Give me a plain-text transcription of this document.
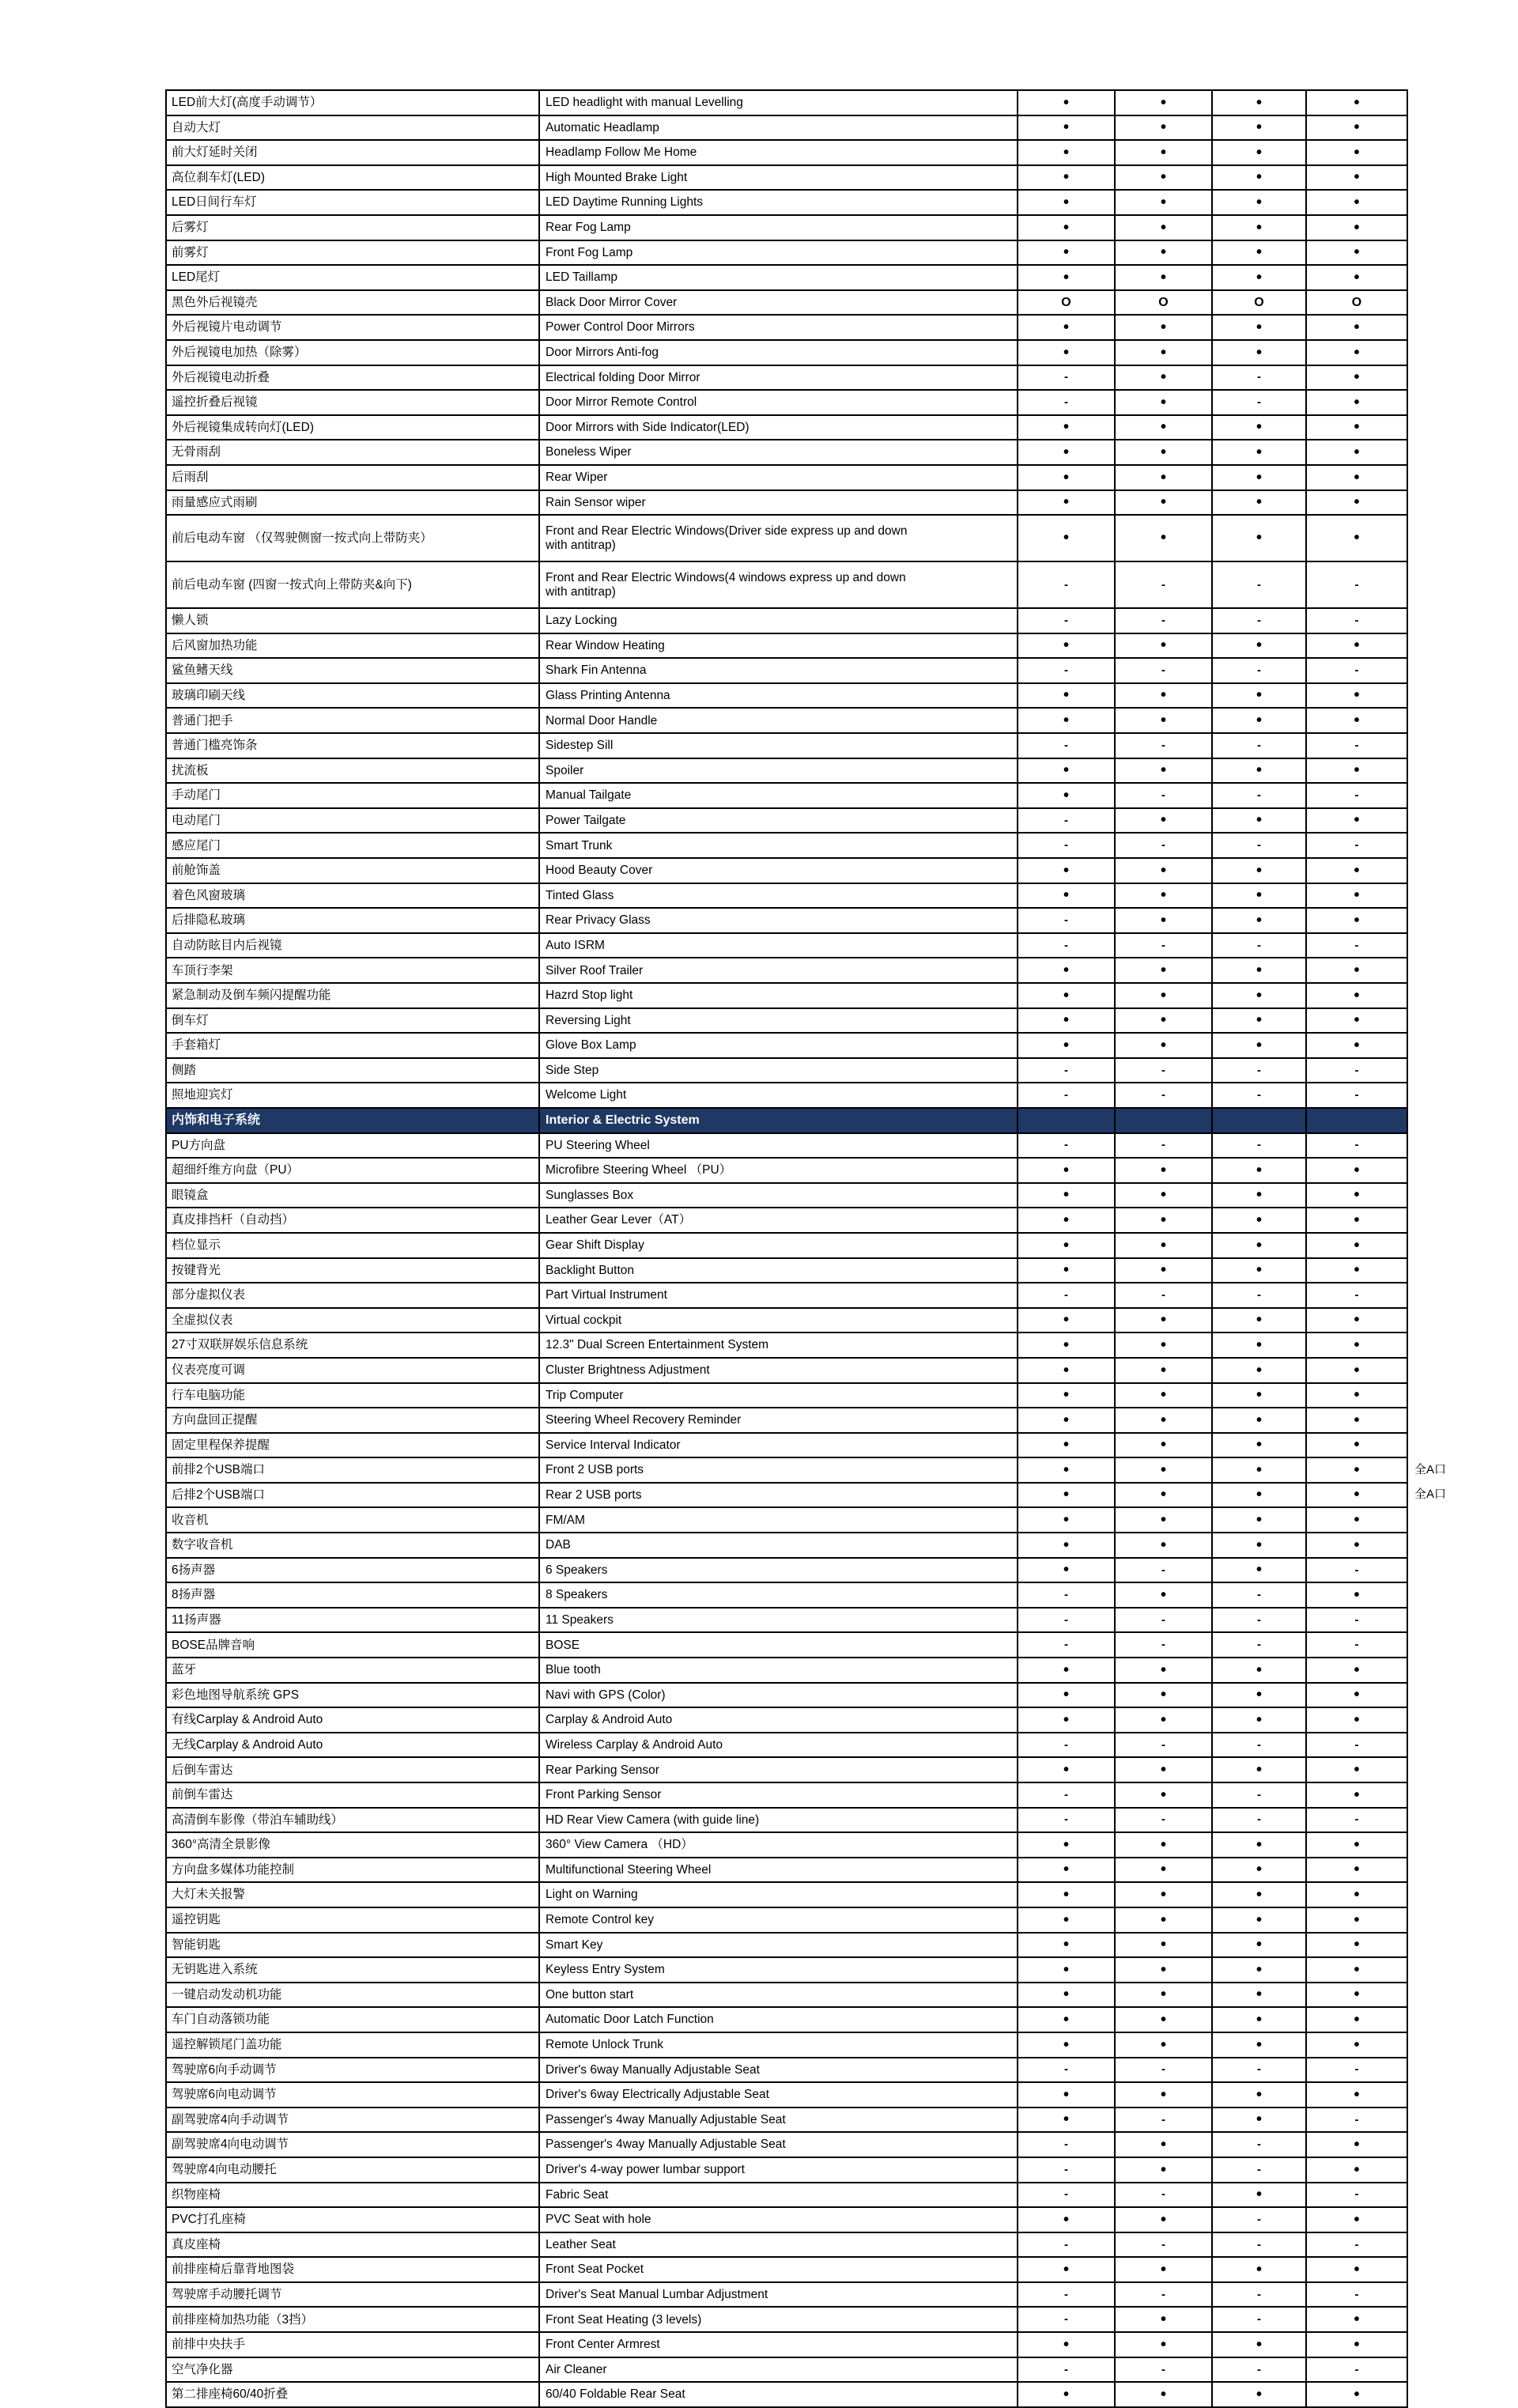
LED前大灯(高度手动调节）	LED headlight with manual Levelling	•	•	•	•	
自动大灯	Automatic Headlamp	•	•	•	•	
前大灯延时关闭	Headlamp Follow Me Home	•	•	•	•	
高位刹车灯(LED)	High Mounted Brake Light	•	•	•	•	
LED日间行车灯	LED Daytime Running Lights	•	•	•	•	
后雾灯	Rear Fog Lamp	•	•	•	•	
前雾灯	Front Fog Lamp	•	•	•	•	
LED尾灯	LED Taillamp	•	•	•	•	
黑色外后视镜壳	Black Door Mirror Cover	O	O	O	O	
外后视镜片电动调节	Power Control Door Mirrors	•	•	•	•	
外后视镜电加热（除雾）	Door Mirrors Anti-fog	•	•	•	•	
外后视镜电动折叠	Electrical folding Door Mirror	-	•	-	•	
遥控折叠后视镜	Door Mirror Remote Control	-	•	-	•	
外后视镜集成转向灯(LED)	Door Mirrors with Side Indicator(LED)	•	•	•	•	
无骨雨刮	Boneless Wiper	•	•	•	•	
后雨刮	Rear Wiper	•	•	•	•	
雨量感应式雨刷	Rain Sensor wiper	•	•	•	•	
前后电动车窗 （仅驾驶侧窗一按式向上带防夹）	Front and Rear Electric Windows(Driver side express up and down
with antitrap)	•	•	•	•	
前后电动车窗 (四窗一按式向上带防夹&向下)	Front and Rear Electric Windows(4 windows express up and down
with antitrap)	-	-	-	-	
懒人锁	Lazy Locking	-	-	-	-	
后风窗加热功能	Rear Window Heating	•	•	•	•	
鲨鱼鳍天线	Shark Fin Antenna	-	-	-	-	
玻璃印刷天线	Glass Printing Antenna	•	•	•	•	
普通门把手	Normal Door Handle	•	•	•	•	
普通门槛亮饰条	Sidestep Sill	-	-	-	-	
扰流板	Spoiler	•	•	•	•	
手动尾门	Manual Tailgate	•	-	-	-	
电动尾门	Power Tailgate	-	•	•	•	
感应尾门	Smart Trunk	-	-	-	-	
前舱饰盖	Hood Beauty Cover	•	•	•	•	
着色风窗玻璃	Tinted Glass	•	•	•	•	
后排隐私玻璃	Rear Privacy Glass	-	•	•	•	
自动防眩目内后视镜	Auto ISRM	-	-	-	-	
车顶行李架	Silver Roof Trailer	•	•	•	•	
紧急制动及倒车频闪提醒功能	Hazrd Stop light	•	•	•	•	
倒车灯	Reversing Light	•	•	•	•	
手套箱灯	Glove Box Lamp	•	•	•	•	
侧踏	Side Step	-	-	-	-	
照地迎宾灯	Welcome Light	-	-	-	-	
内饰和电子系统	Interior & Electric System					
PU方向盘	PU Steering Wheel	-	-	-	-	
超细纤维方向盘（PU）	Microfibre Steering Wheel （PU）	•	•	•	•	
眼镜盒	Sunglasses Box	•	•	•	•	
真皮排挡杆（自动挡）	Leather Gear Lever（AT）	•	•	•	•	
档位显示	Gear Shift Display	•	•	•	•	
按键背光	Backlight Button	•	•	•	•	
部分虚拟仪表	Part Virtual Instrument	-	-	-	-	
全虚拟仪表	Virtual cockpit	•	•	•	•	
27寸双联屏娱乐信息系统	12.3" Dual Screen Entertainment System	•	•	•	•	
仪表亮度可调	Cluster Brightness Adjustment	•	•	•	•	
行车电脑功能	Trip Computer	•	•	•	•	
方向盘回正提醒	Steering Wheel Recovery Reminder	•	•	•	•	
固定里程保养提醒	Service Interval Indicator	•	•	•	•	
前排2个USB端口	Front 2 USB ports	•	•	•	•	全A口
后排2个USB端口	Rear 2 USB ports	•	•	•	•	全A口
收音机	FM/AM	•	•	•	•	
数字收音机	DAB	•	•	•	•	
6扬声器	6 Speakers	•	-	•	-	
8扬声器	8 Speakers	-	•	-	•	
11扬声器	11 Speakers	-	-	-	-	
BOSE品牌音响	BOSE	-	-	-	-	
蓝牙	Blue tooth	•	•	•	•	
彩色地图导航系统 GPS	Navi with GPS (Color)	•	•	•	•	
有线Carplay & Android Auto	Carplay & Android Auto	•	•	•	•	
无线Carplay & Android Auto	Wireless Carplay & Android Auto	-	-	-	-	
后倒车雷达	Rear Parking Sensor	•	•	•	•	
前倒车雷达	Front Parking Sensor	-	•	-	•	
高清倒车影像（带泊车辅助线）	HD Rear View Camera (with guide line)	-	-	-	-	
360°高清全景影像	360° View Camera （HD）	•	•	•	•	
方向盘多媒体功能控制	Multifunctional Steering Wheel	•	•	•	•	
大灯未关报警	Light on Warning	•	•	•	•	
遥控钥匙	Remote Control key	•	•	•	•	
智能钥匙	Smart Key	•	•	•	•	
无钥匙进入系统	Keyless Entry System	•	•	•	•	
一键启动发动机功能	One button start	•	•	•	•	
车门自动落锁功能	Automatic Door Latch Function	•	•	•	•	
遥控解锁尾门盖功能	Remote Unlock Trunk	•	•	•	•	
驾驶席6向手动调节	Driver's 6way Manually Adjustable Seat	-	-	-	-	
驾驶席6向电动调节	Driver's 6way Electrically Adjustable Seat	•	•	•	•	
副驾驶席4向手动调节	Passenger's 4way Manually Adjustable Seat	•	-	•	-	
副驾驶席4向电动调节	Passenger's 4way Manually Adjustable Seat	-	•	-	•	
驾驶席4向电动腰托	Driver's 4-way power lumbar support	-	•	-	•	
织物座椅	Fabric Seat	-	-	•	-	
PVC打孔座椅	PVC Seat with hole	•	•	-	•	
真皮座椅	Leather Seat	-	-	-	-	
前排座椅后靠背地图袋	Front Seat Pocket	•	•	•	•	
驾驶席手动腰托调节	Driver's Seat Manual Lumbar Adjustment	-	-	-	-	
前排座椅加热功能（3挡）	Front Seat Heating (3 levels)	-	•	-	•	
前排中央扶手	Front Center Armrest	•	•	•	•	
空气净化器	Air Cleaner	-	-	-	-	
第二排座椅60/40折叠	60/40 Foldable Rear Seat	•	•	•	•	
